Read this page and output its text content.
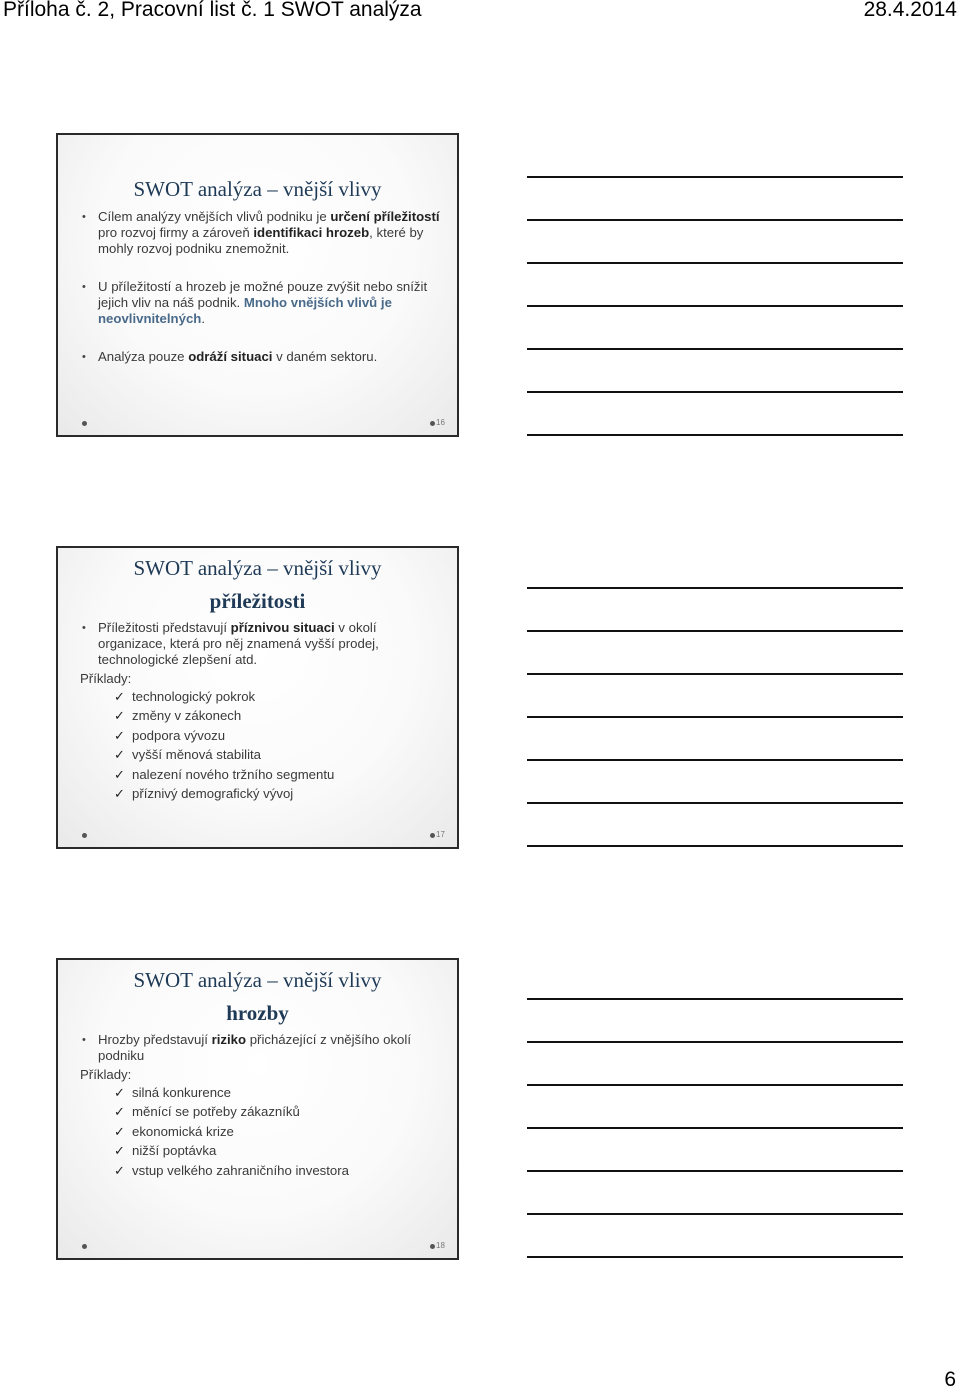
Příloha č. 2, Pracovní list č. 1 SWOT analýza	28.4.2014
SWOT analýza – vnější vlivy
• Cílem analýzy vnějších vlivů podniku je určení příležitostí pro rozvoj firmy a zároveň identifikaci hrozeb, které by mohly rozvoj podniku znemožnit.
• U příležitostí a hrozeb je možné pouze zvýšit nebo snížit jejich vliv na náš podnik. Mnoho vnějších vlivů je neovlivnitelných.
• Analýza pouze odráží situaci v daném sektoru.
16
SWOT analýza – vnější vlivy
příležitosti
• Příležitosti představují příznivou situaci v okolí organizace, která pro něj znamená vyšší prodej, technologické zlepšení atd.
Příklady:
✓ technologický pokrok
✓ změny v zákonech
✓ podpora vývozu
✓ vyšší měnová stabilita
✓ nalezení nového tržního segmentu
✓ příznivý demografický vývoj
17
SWOT analýza – vnější vlivy
hrozby
• Hrozby představují riziko přicházející z vnějšího okolí podniku
Příklady:
✓ silná konkurence
✓ měnící se potřeby zákazníků
✓ ekonomická krize
✓ nižší poptávka
✓ vstup velkého zahraničního investora
18
6
